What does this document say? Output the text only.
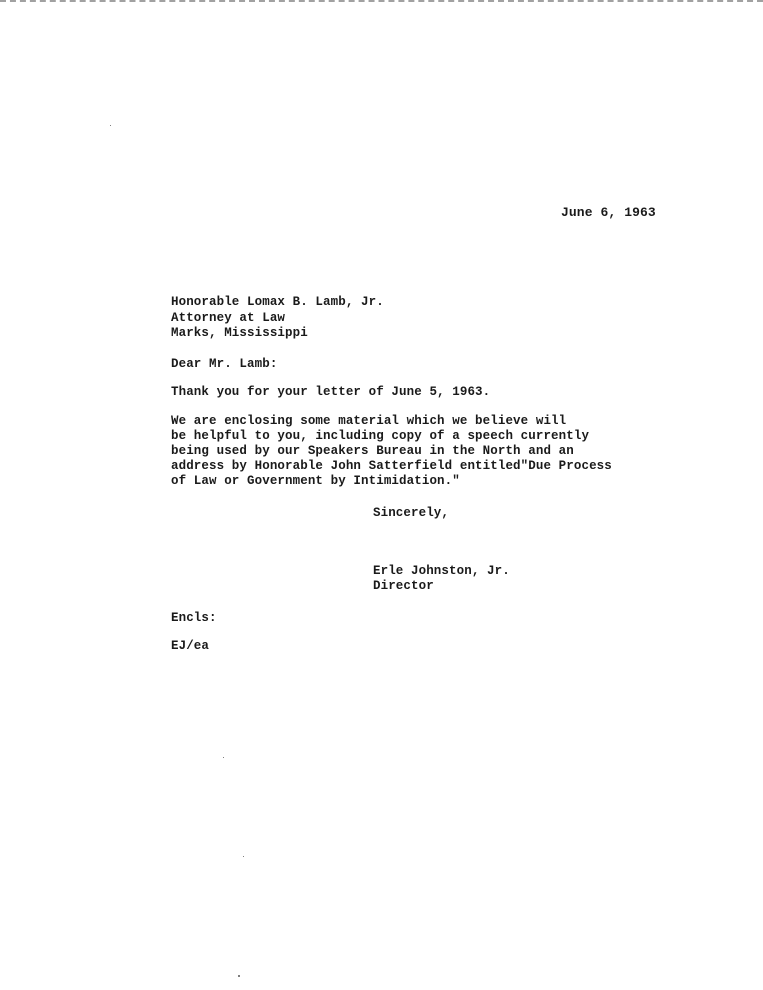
June 6, 1963
Honorable Lomax B. Lamb, Jr.
Attorney at Law
Marks, Mississippi
Dear Mr. Lamb:
Thank you for your letter of June 5, 1963.
We are enclosing some material which we believe will
be helpful to you, including copy of a speech currently
being used by our Speakers Bureau in the North and an
address by Honorable John Satterfield entitled"Due Process
of Law or Government by Intimidation."
Sincerely,
Erle Johnston, Jr.
Director
Encls:
EJ/ea
